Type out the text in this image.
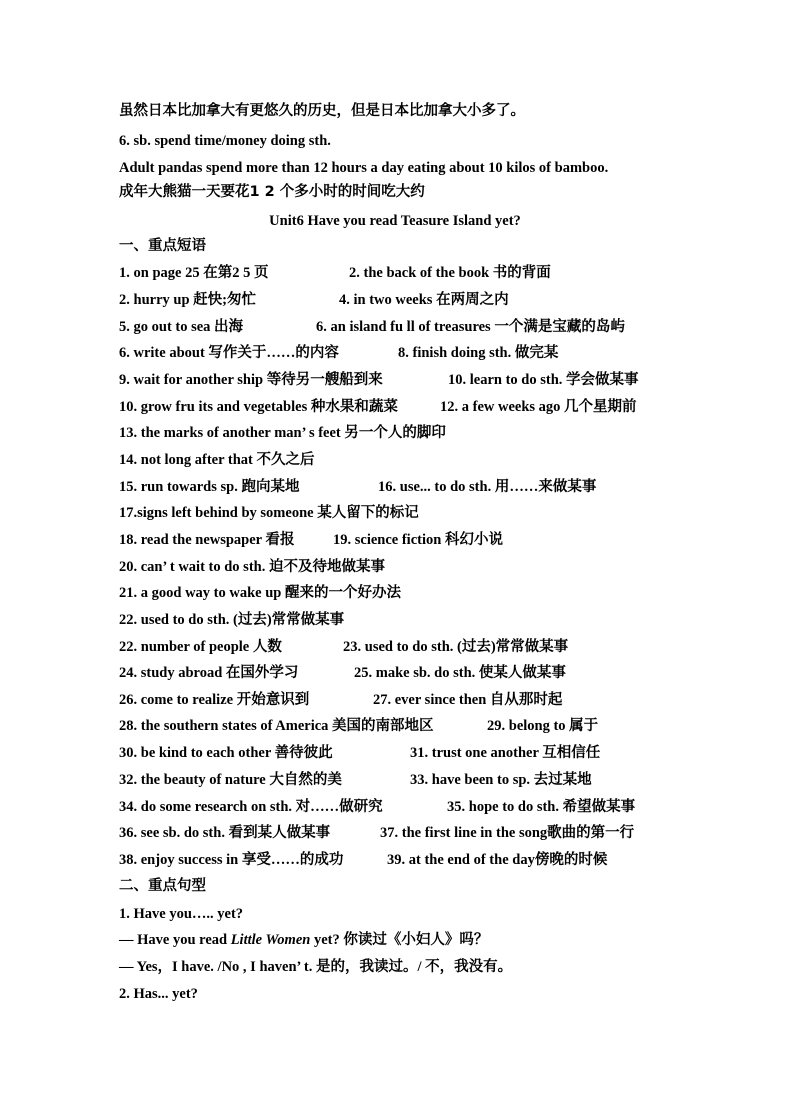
虽然日本比加拿大有更悠久的历史，但是日本比加拿大小多了。
6. sb. spend time/money doing sth.
Adult pandas spend more than 12 hours a day eating about 10 kilos of bamboo.
成年大熊猫一天要花1 2 个多小时的时间吃大约
Unit6 Have you read Teasure Island yet?
一、重点短语
1. on page 25 在第2 5 页	2. the back of the book 书的背面
2. hurry up 赶快;匆忙	4. in two weeks 在两周之内
5. go out to sea 出海	6. an island fu ll of treasures 一个满是宝藏的岛屿
6. write about 写作关于……的内容	8. finish doing sth. 做完某
9. wait for another ship 等待另一艘船到来	10. learn to do sth. 学会做某事
10. grow fru its and vegetables 种水果和蔬菜	12. a few weeks ago 几个星期前
13. the marks of another man’ s feet 另一个人的脚印
14. not long after that 不久之后
15. run towards sp. 跑向某地	16. use... to do sth. 用……来做某事
17.signs left behind by someone 某人留下的标记
18. read the newspaper 看报	19. science fiction 科幻小说
20. can’ t wait to do sth. 迫不及待地做某事
21. a good way to wake up 醒来的一个好办法
22. used to do sth. (过去)常常做某事
22. number of people 人数	23. used to do sth. (过去)常常做某事
24. study abroad 在国外学习	25. make sb. do sth. 使某人做某事
26. come to realize 开始意识到	27. ever since then 自从那时起
28. the southern states of America 美国的南部地区	29. belong to 属于
30. be kind to each other 善待彼此	31. trust one another 互相信任
32. the beauty of nature 大自然的美	33. have been to sp. 去过某地
34. do some research on sth. 对……做研究	35. hope to do sth. 希望做某事
36. see sb. do sth. 看到某人做某事	37. the first line in the song歌曲的第一行
38. enjoy success in 享受……的成功	39. at the end of the day傍晚的时候
二、重点句型
1. Have you….. yet?
— Have you read Little Women yet? 你读过《小妇人》吗？
— Yes，I have. /No , I haven’ t. 是的，我读过。/ 不，我没有。
2. Has... yet?
